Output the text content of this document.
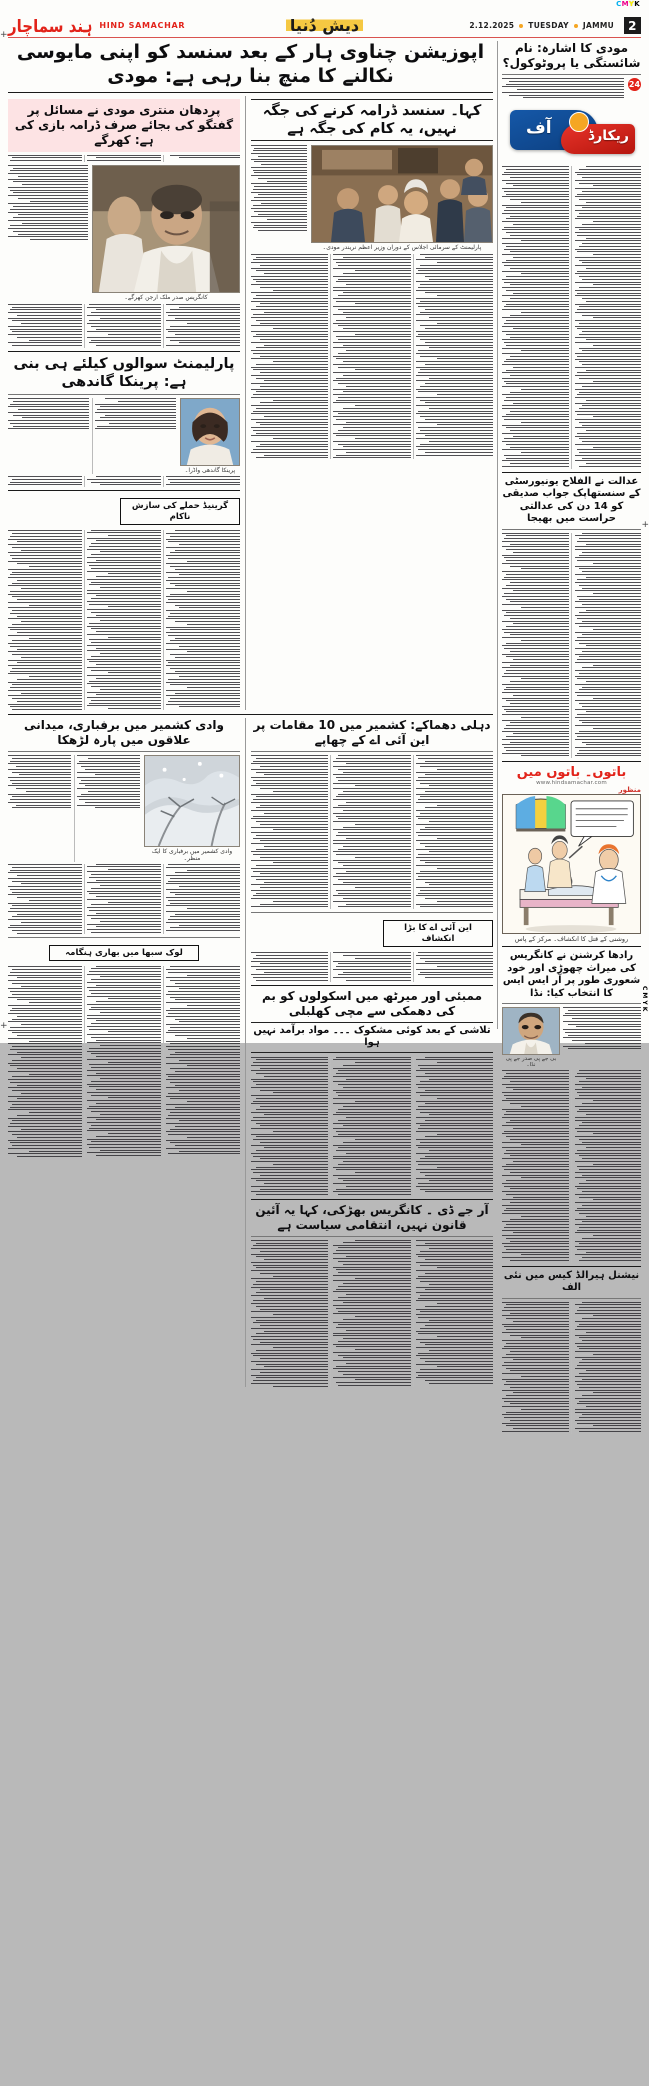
+
+
+
CMYK
ہند سماچار HIND SAMACHAR	دیش دُنیا	2.12.2025 TUESDAY JAMMU	2
اپوزیشن چناوی ہار کے بعد سنسد کو اپنی مایوسی نکالنے کا منچ بنا رہی ہے: مودی
پردھان منتری مودی نے مسائل پر گفتگو کی بجائے صرف ڈرامہ بازی کی ہے: کھرگے
کانگریس صدر ملک ارجن کھرگے۔
پارلیمنٹ سوالوں کیلئے ہی بنی ہے: پرینکا گاندھی
پرینکا گاندھی واڈرا۔
گرینیڈ حملے کی سازش ناکام
کہا۔ سنسد ڈرامہ کرنے کی جگہ نہیں، یہ کام کی جگہ ہے
پارلیمنٹ کے سرمائی اجلاس کے دوران وزیر اعظم نریندر مودی۔
وادی کشمیر میں برفباری، میدانی علاقوں میں پارہ لڑھکا
وادی کشمیر میں برفباری کا ایک منظر۔
لوک سبھا میں بھاری ہنگامہ
دہلی دھماکے: کشمیر میں 10 مقامات پر این آئی اے کے چھاپے
این آئی اے کا بڑا انکشاف
ممبئی اور میرٹھ میں اسکولوں کو بم کی دھمکی سے مچی کھلبلی
تلاشی کے بعد کوئی مشکوک ۔۔۔ مواد برآمد نہیں ہوا
آر جے ڈی ۔ کانگریس بھڑکی، کہا یہ آئین قانون نہیں، انتقامی سیاست ہے
مودی کا اشارہ: نام شائستگی یا پروٹوکول؟
24
آف	ریکارڈ
عدالت نے الفلاح یونیورسٹی کے سنستھاپک جواب صدیقی کو 14 دن کی عدالتی حراست میں بھیجا
باتوں۔ باتوں میں
www.hindsamachar.com
منظور
روشنی کے قتل کا انکشاف۔ مرکز کے پاس
رادھا کرشنن نے کانگریس کی میراث چھوڑی اور خود شعوری طور پر آر ایس ایس کا انتخاب کیا: نڈا
بی جے پی صدر جے پی نڈا۔
نیشنل ہیرالڈ کیس میں نئی الف
CMYK
